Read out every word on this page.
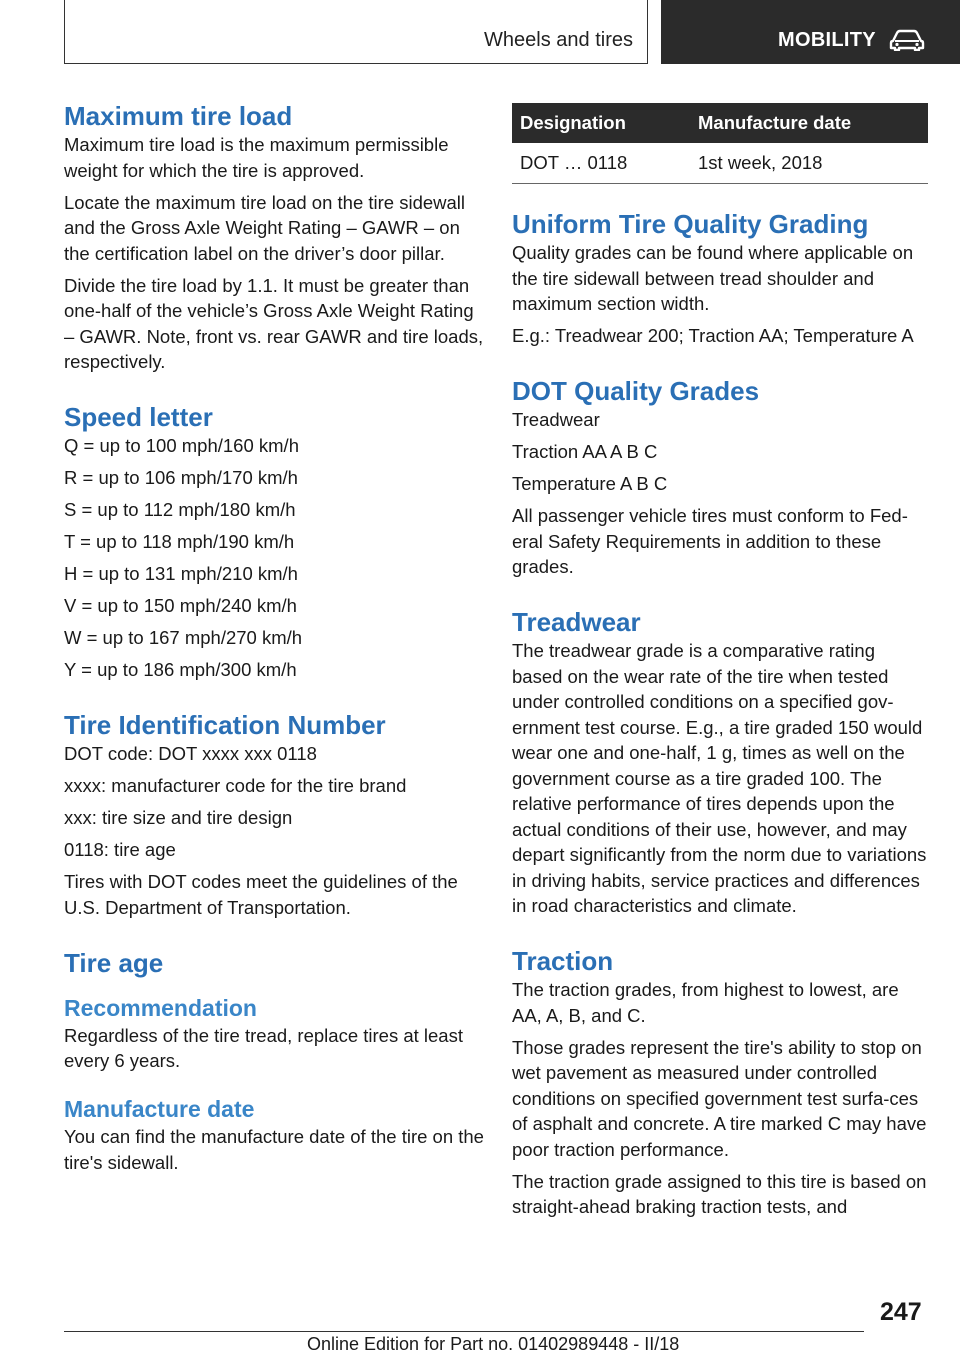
Wheels and tires	MOBILITY
Maximum tire load

Maximum tire load is the maximum permissible weight for which the tire is approved.

Locate the maximum tire load on the tire sidewall and the Gross Axle Weight Rating – GAWR – on the certification label on the driver’s door pillar.

Divide the tire load by 1.1. It must be greater than one-half of the vehicle’s Gross Axle Weight Rating – GAWR. Note, front vs. rear GAWR and tire loads, respectively.

Speed letter

Q = up to 100 mph/160 km/h

R = up to 106 mph/170 km/h

S = up to 112 mph/180 km/h

T = up to 118 mph/190 km/h

H = up to 131 mph/210 km/h

V = up to 150 mph/240 km/h

W = up to 167 mph/270 km/h

Y = up to 186 mph/300 km/h

Tire Identification Number

DOT code: DOT xxxx xxx 0118

xxxx: manufacturer code for the tire brand

xxx: tire size and tire design

0118: tire age

Tires with DOT codes meet the guidelines of the U.S. Department of Transportation.

Tire age
Recommendation

Regardless of the tire tread, replace tires at least every 6 years.

Manufacture date

You can find the manufacture date of the tire on the tire's sidewall.

Designation	Manufacture date
DOT … 0118	1st week, 2018
Uniform Tire Quality Grading

Quality grades can be found where applicable on the tire sidewall between tread shoulder and maximum section width.

E.g.: Treadwear 200; Traction AA; Temperature A

DOT Quality Grades

Treadwear

Traction AA A B C

Temperature A B C

All passenger vehicle tires must conform to Fed‐eral Safety Requirements in addition to these grades.

Treadwear

The treadwear grade is a comparative rating based on the wear rate of the tire when tested under controlled conditions on a specified gov‐ernment test course. E.g., a tire graded 150 would wear one and one-half, 1 g, times as well on the government course as a tire graded 100. The relative performance of tires depends upon the actual conditions of their use, however, and may depart significantly from the norm due to variations in driving habits, service practices and differences in road characteristics and climate.

Traction

The traction grades, from highest to lowest, are AA, A, B, and C.

Those grades represent the tire's ability to stop on wet pavement as measured under controlled conditions on specified government test surfa‐ces of asphalt and concrete. A tire marked C may have poor traction performance.

The traction grade assigned to this tire is based on straight-ahead braking traction tests, and

247
Online Edition for Part no. 01402989448 - II/18
